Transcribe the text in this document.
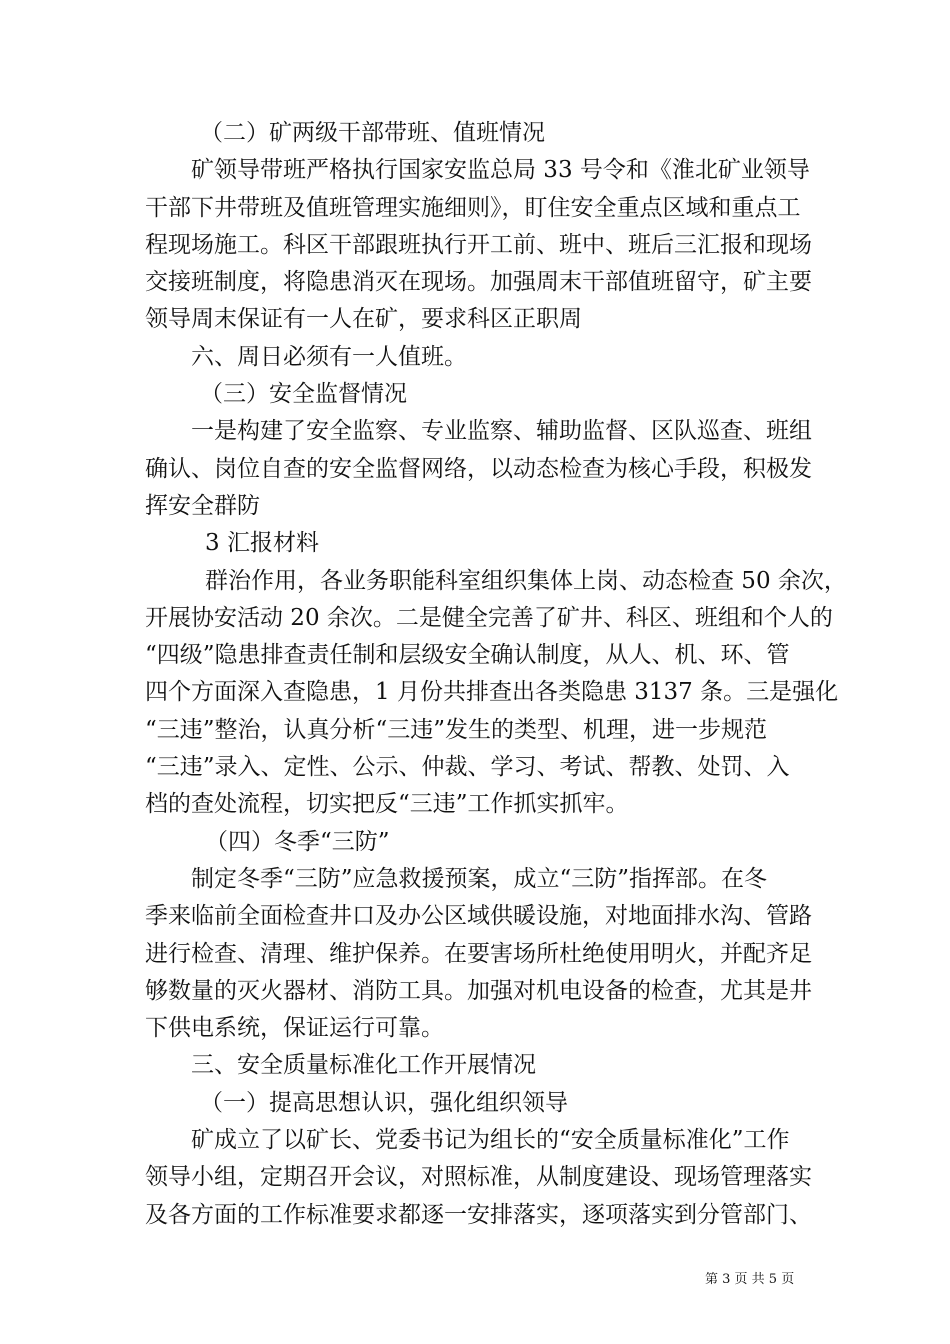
（二）矿两级干部带班、值班情况

矿领导带班严格执行国家安监总局 33 号令和《淮北矿业领导

干部下井带班及值班管理实施细则》，盯住安全重点区域和重点工

程现场施工。科区干部跟班执行开工前、班中、班后三汇报和现场

交接班制度，将隐患消灭在现场。加强周末干部值班留守，矿主要

领导周末保证有一人在矿，要求科区正职周

六、周日必须有一人值班。

（三）安全监督情况

一是构建了安全监察、专业监察、辅助监督、区队巡查、班组

确认、岗位自查的安全监督网络，以动态检查为核心手段，积极发

挥安全群防

3 汇报材料

群治作用，各业务职能科室组织集体上岗、动态检查 50 余次，

开展协安活动 20 余次。二是健全完善了矿井、科区、班组和个人的

“四级”隐患排查责任制和层级安全确认制度，从人、机、环、管

四个方面深入查隐患，1 月份共排查出各类隐患 3137 条。三是强化

“三违”整治，认真分析“三违”发生的类型、机理，进一步规范

“三违”录入、定性、公示、仲裁、学习、考试、帮教、处罚、入

档的查处流程，切实把反“三违”工作抓实抓牢。

（四）冬季“三防”

制定冬季“三防”应急救援预案，成立“三防”指挥部。在冬

季来临前全面检查井口及办公区域供暖设施，对地面排水沟、管路

进行检查、清理、维护保养。在要害场所杜绝使用明火，并配齐足

够数量的灭火器材、消防工具。加强对机电设备的检查，尤其是井

下供电系统，保证运行可靠。

三、安全质量标准化工作开展情况

（一）提高思想认识，强化组织领导

矿成立了以矿长、党委书记为组长的“安全质量标准化”工作

领导小组，定期召开会议，对照标准，从制度建设、现场管理落实

及各方面的工作标准要求都逐一安排落实，逐项落实到分管部门、

第 3 页 共 5 页
